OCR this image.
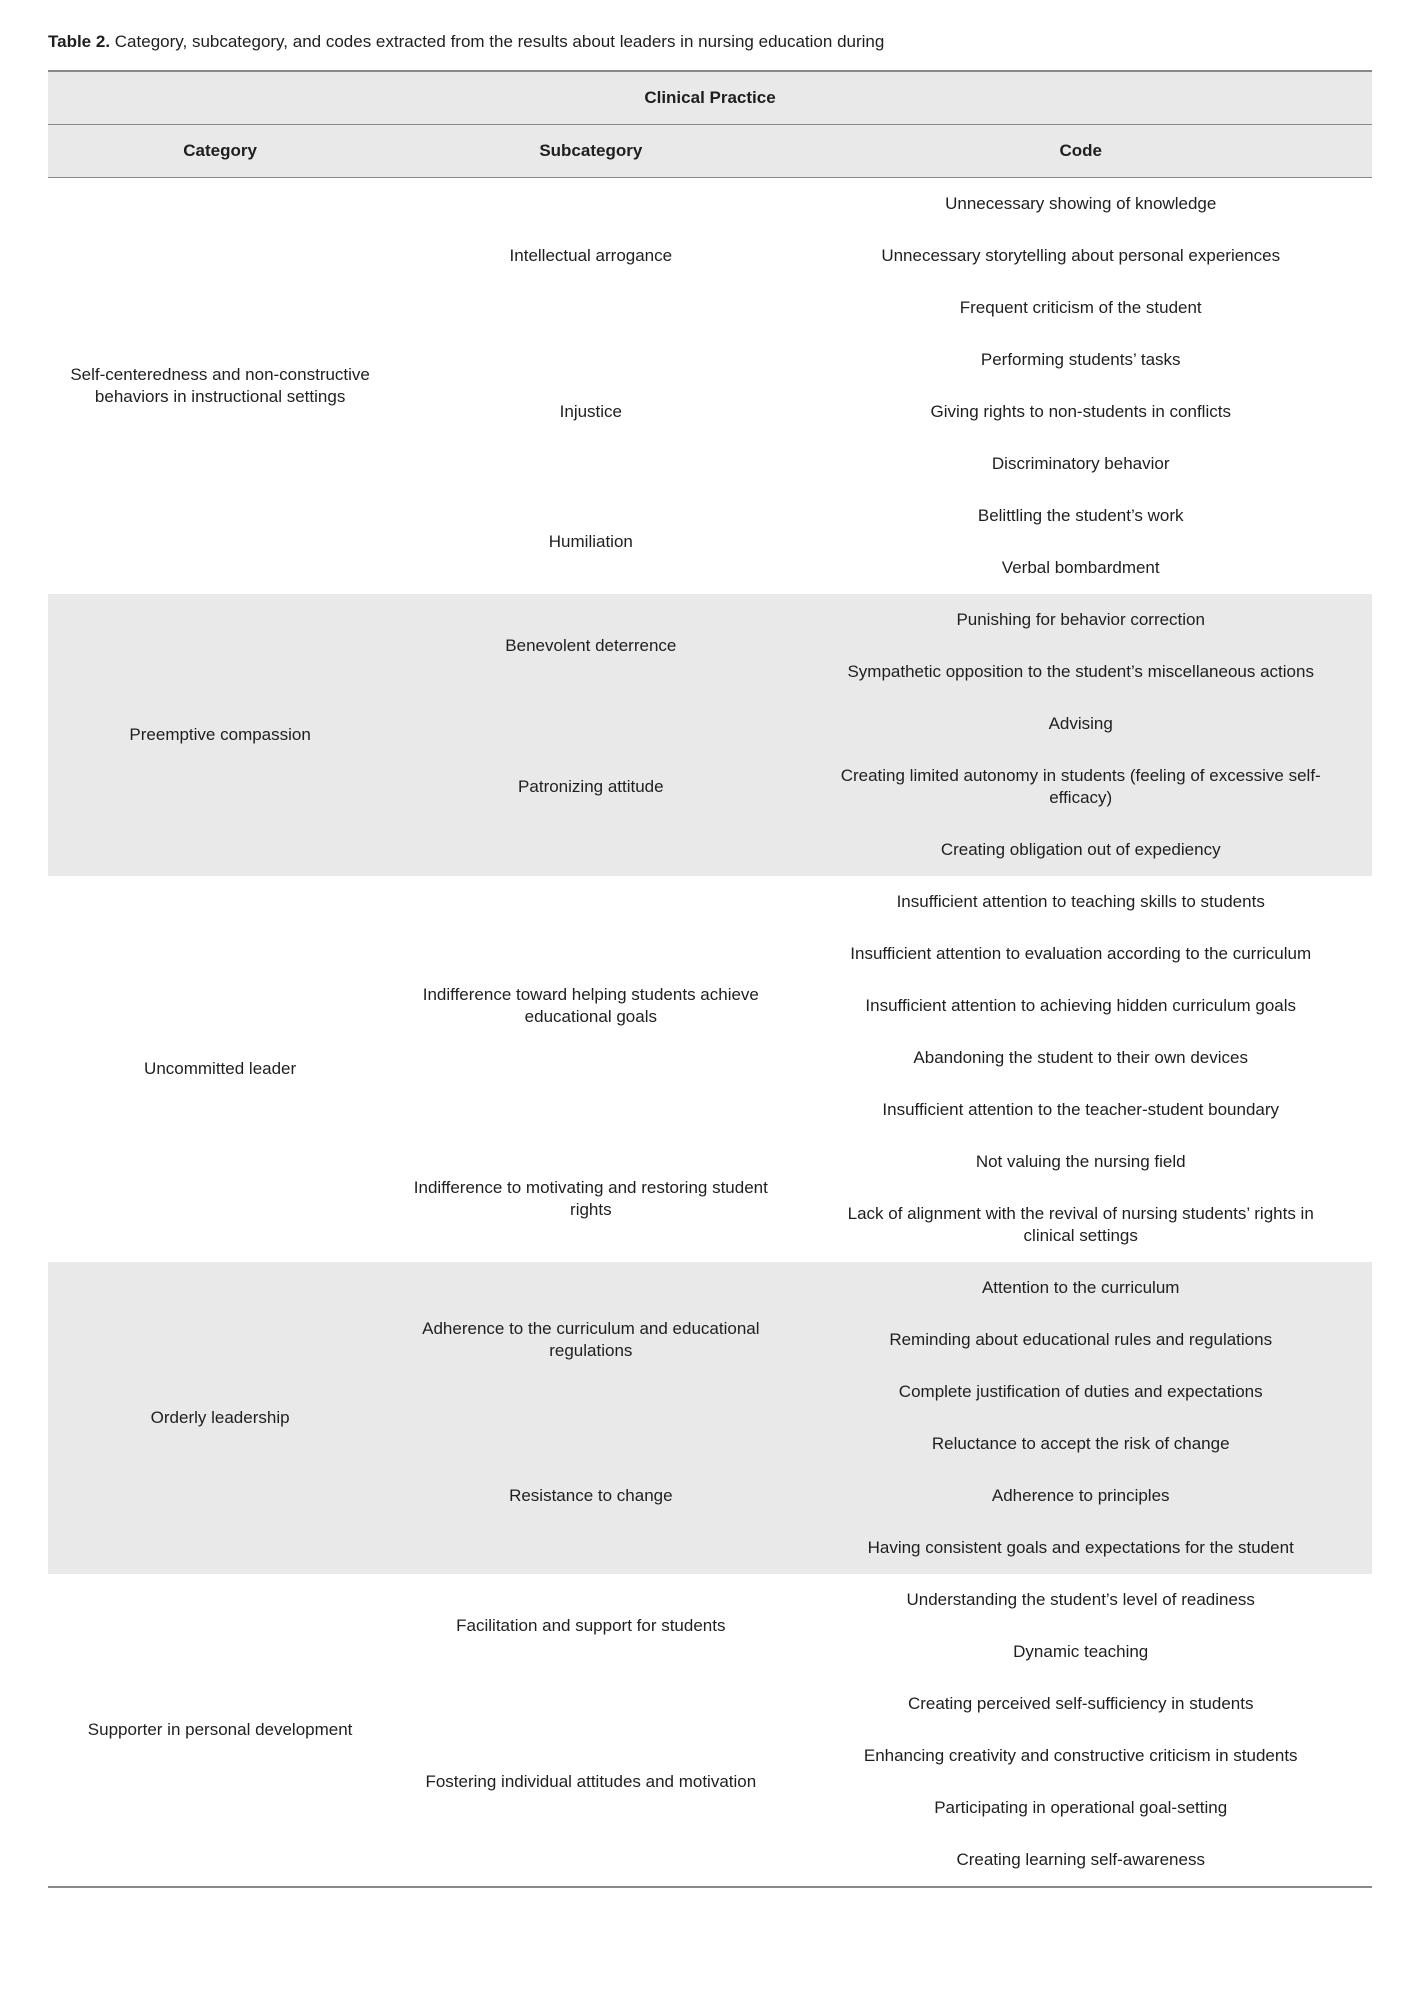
Table 2. Category, subcategory, and codes extracted from the results about leaders in nursing education during

Clinical Practice		
Category	Subcategory	Code
Self-centeredness and non-constructive behaviors in instructional settings	Intellectual arrogance	Unnecessary showing of knowledge
		Unnecessary storytelling about personal experiences
		Frequent criticism of the student
	Injustice	Performing students’ tasks
		Giving rights to non-students in conflicts
		Discriminatory behavior
	Humiliation	Belittling the student’s work
		Verbal bombardment
Preemptive compassion	Benevolent deterrence	Punishing for behavior correction
		Sympathetic opposition to the student’s miscellaneous actions
	Patronizing attitude	Advising
		Creating limited autonomy in students (feeling of excessive self-efficacy)
		Creating obligation out of expediency
Uncommitted leader	Indifference toward helping students achieve educational goals	Insufficient attention to teaching skills to students
		Insufficient attention to evaluation according to the curriculum
		Insufficient attention to achieving hidden curriculum goals
		Abandoning the student to their own devices
		Insufficient attention to the teacher-student boundary
	Indifference to motivating and restoring student rights	Not valuing the nursing field
		Lack of alignment with the revival of nursing students’ rights in clinical settings
Orderly leadership	Adherence to the curriculum and educational regulations	Attention to the curriculum
		Reminding about educational rules and regulations
		Complete justification of duties and expectations
	Resistance to change	Reluctance to accept the risk of change
		Adherence to principles
		Having consistent goals and expectations for the student
Supporter in personal development	Facilitation and support for students	Understanding the student’s level of readiness
		Dynamic teaching
	Fostering individual attitudes and motivation	Creating perceived self-sufficiency in students
		Enhancing creativity and constructive criticism in students
		Participating in operational goal-setting
		Creating learning self-awareness
